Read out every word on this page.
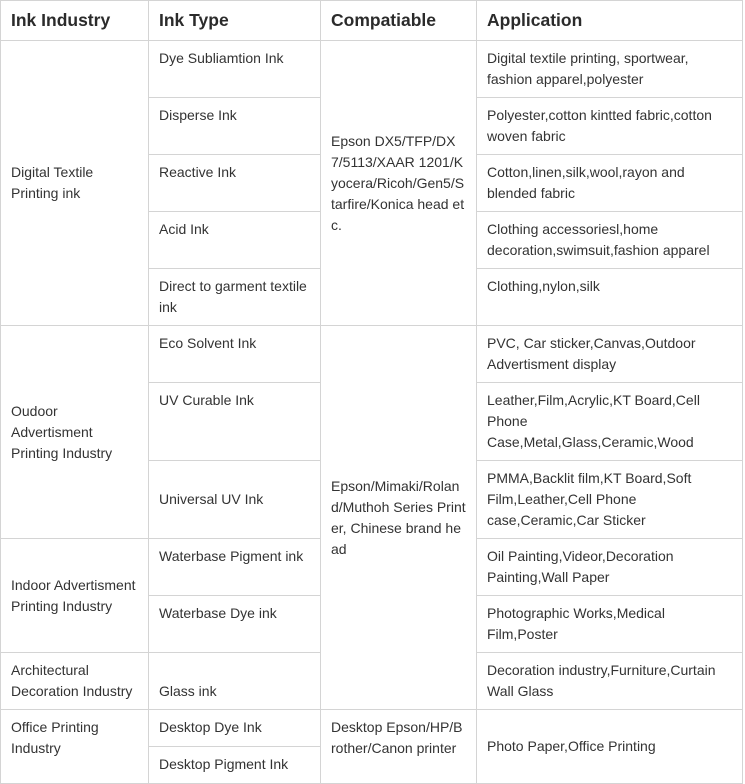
Ink Industry	Ink Type	Compatiable	Application
Digital Textile Printing ink	Dye Subliamtion Ink	Epson DX5/TFP/DX7/5113/XAAR 1201/Kyocera/Ricoh/Gen5/Starfire/Konica head etc.	Digital textile printing, sportwear, fashion apparel,polyester
	Disperse Ink		Polyester,cotton kintted fabric,cotton woven fabric
	Reactive Ink		Cotton,linen,silk,wool,rayon and blended fabric
	Acid Ink		Clothing accessoriesl,home decoration,swimsuit,fashion apparel
	Direct to garment textile ink		Clothing,nylon,silk
Oudoor Advertisment Printing Industry	Eco Solvent Ink	Epson/Mimaki/Roland/Muthoh Series Printer, Chinese brand head	PVC, Car sticker,Canvas,Outdoor Advertisment display
	UV Curable Ink		Leather,Film,Acrylic,KT Board,Cell Phone Case,Metal,Glass,Ceramic,Wood
	Universal UV Ink		PMMA,Backlit film,KT Board,Soft Film,Leather,Cell Phone case,Ceramic,Car Sticker
Indoor Advertisment Printing Industry	Waterbase Pigment ink		Oil Painting,Videor,Decoration Painting,Wall Paper
	Waterbase Dye ink		Photographic Works,Medical Film,Poster
Architectural Decoration Industry	Glass ink		Decoration industry,Furniture,Curtain Wall Glass
Office Printing Industry	Desktop Dye Ink	Desktop Epson/HP/Brother/Canon printer	Photo Paper,Office Printing
	Desktop Pigment Ink		
